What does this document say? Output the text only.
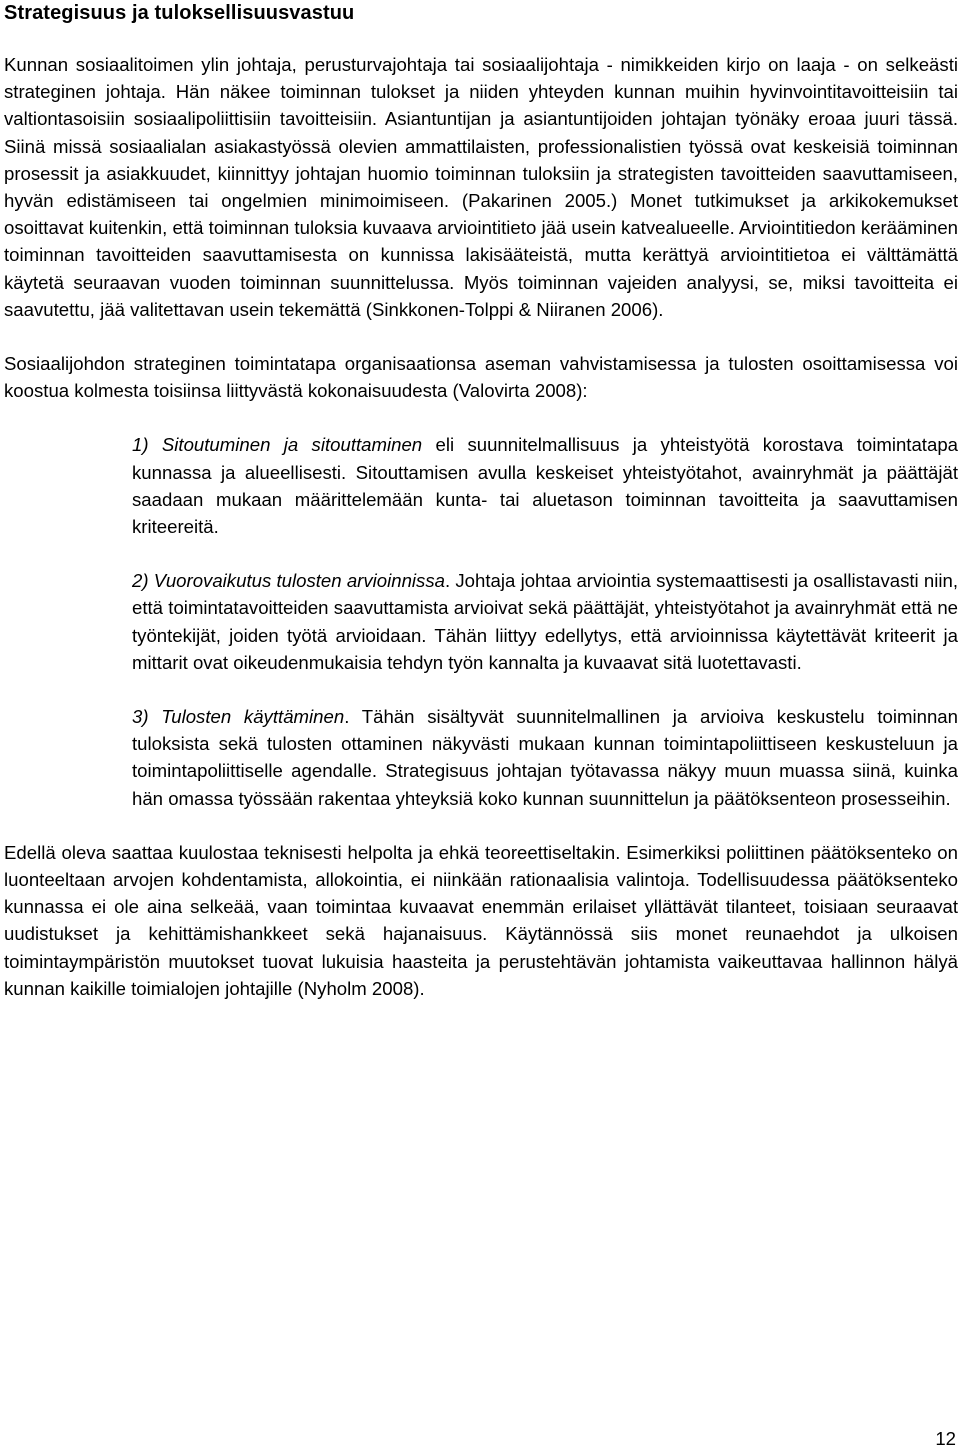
Strategisuus ja tuloksellisuusvastuu

Kunnan sosiaalitoimen ylin johtaja, perusturvajohtaja tai sosiaalijohtaja - nimikkeiden kirjo on laaja - on selkeästi strateginen johtaja. Hän näkee toiminnan tulokset ja niiden yhteyden kunnan muihin hyvinvointitavoitteisiin tai valtiontasoisiin sosiaalipoliittisiin tavoitteisiin. Asiantuntijan ja asiantuntijoiden johtajan työnäky eroaa juuri tässä. Siinä missä sosiaalialan asiakastyössä olevien ammattilaisten, professionalistien työssä ovat keskeisiä toiminnan prosessit ja asiakkuudet, kiinnittyy johtajan huomio toiminnan tuloksiin ja strategisten tavoitteiden saavuttamiseen, hyvän edistämiseen tai ongelmien minimoimiseen. (Pakarinen 2005.) Monet tutkimukset ja arkikokemukset osoittavat kuitenkin, että toiminnan tuloksia kuvaava arviointitieto jää usein katvealueelle. Arviointitiedon kerääminen toiminnan tavoitteiden saavuttamisesta on kunnissa lakisääteistä, mutta kerättyä arviointitietoa ei välttämättä käytetä seuraavan vuoden toiminnan suunnittelussa. Myös toiminnan vajeiden analyysi, se, miksi tavoitteita ei saavutettu, jää valitettavan usein tekemättä (Sinkkonen-Tolppi & Niiranen 2006).

Sosiaalijohdon strateginen toimintatapa organisaationsa aseman vahvistamisessa ja tulosten osoittamisessa voi koostua kolmesta toisiinsa liittyvästä kokonaisuudesta (Valovirta 2008):

1) Sitoutuminen ja sitouttaminen eli suunnitelmallisuus ja yhteistyötä korostava toimintatapa kunnassa ja alueellisesti. Sitouttamisen avulla keskeiset yhteistyötahot, avainryhmät ja päättäjät saadaan mukaan määrittelemään kunta- tai aluetason toiminnan tavoitteita ja saavuttamisen kriteereitä.

2) Vuorovaikutus tulosten arvioinnissa. Johtaja johtaa arviointia systemaattisesti ja osallistavasti niin, että toimintatavoitteiden saavuttamista arvioivat sekä päättäjät, yhteistyötahot ja avainryhmät että ne työntekijät, joiden työtä arvioidaan. Tähän liittyy edellytys, että arvioinnissa käytettävät kriteerit ja mittarit ovat oikeudenmukaisia tehdyn työn kannalta ja kuvaavat sitä luotettavasti.

3) Tulosten käyttäminen. Tähän sisältyvät suunnitelmallinen ja arvioiva keskustelu toiminnan tuloksista sekä tulosten ottaminen näkyvästi mukaan kunnan toimintapoliittiseen keskusteluun ja toimintapoliittiselle agendalle. Strategisuus johtajan työtavassa näkyy muun muassa siinä, kuinka hän omassa työssään rakentaa yhteyksiä koko kunnan suunnittelun ja päätöksenteon prosesseihin.

Edellä oleva saattaa kuulostaa teknisesti helpolta ja ehkä teoreettiseltakin. Esimerkiksi poliittinen päätöksenteko on luonteeltaan arvojen kohdentamista, allokointia, ei niinkään rationaalisia valintoja. Todellisuudessa päätöksenteko kunnassa ei ole aina selkeää, vaan toimintaa kuvaavat enemmän erilaiset yllättävät tilanteet, toisiaan seuraavat uudistukset ja kehittämishankkeet sekä hajanaisuus. Käytännössä siis monet reunaehdot ja ulkoisen toimintaympäristön muutokset tuovat lukuisia haasteita ja perustehtävän johtamista vaikeuttavaa hallinnon hälyä kunnan kaikille toimialojen johtajille (Nyholm 2008).

12
